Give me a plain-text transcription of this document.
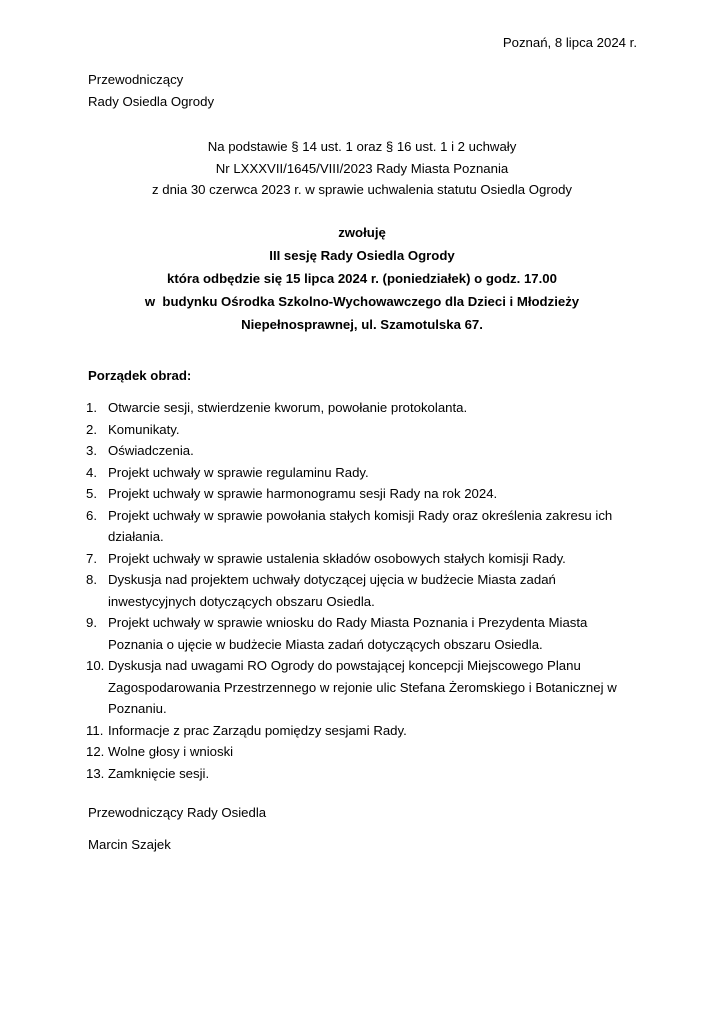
Poznań, 8 lipca 2024 r.
Przewodniczący
Rady Osiedla Ogrody
Na podstawie § 14 ust. 1 oraz § 16 ust. 1 i 2 uchwały
Nr LXXXVII/1645/VIII/2023 Rady Miasta Poznania
z dnia 30 czerwca 2023 r. w sprawie uchwalenia statutu Osiedla Ogrody
zwołuję
III sesję Rady Osiedla Ogrody
która odbędzie się 15 lipca 2024 r. (poniedziałek) o godz. 17.00
w  budynku Ośrodka Szkolno-Wychowawczego dla Dzieci i Młodzieży
Niepełnosprawnej, ul. Szamotulska 67.
Porządek obrad:
1. Otwarcie sesji, stwierdzenie kworum, powołanie protokolanta.
2. Komunikaty.
3. Oświadczenia.
4. Projekt uchwały w sprawie regulaminu Rady.
5. Projekt uchwały w sprawie harmonogramu sesji Rady na rok 2024.
6. Projekt uchwały w sprawie powołania stałych komisji Rady oraz określenia zakresu ich działania.
7. Projekt uchwały w sprawie ustalenia składów osobowych stałych komisji Rady.
8. Dyskusja nad projektem uchwały dotyczącej ujęcia w budżecie Miasta zadań inwestycyjnych dotyczących obszaru Osiedla.
9. Projekt uchwały w sprawie wniosku do Rady Miasta Poznania i Prezydenta Miasta Poznania o ujęcie w budżecie Miasta zadań dotyczących obszaru Osiedla.
10. Dyskusja nad uwagami RO Ogrody do powstającej koncepcji Miejscowego Planu Zagospodarowania Przestrzennego w rejonie ulic Stefana Żeromskiego i Botanicznej w Poznaniu.
11. Informacje z prac Zarządu pomiędzy sesjami Rady.
12. Wolne głosy i wnioski
13. Zamknięcie sesji.
Przewodniczący Rady Osiedla
Marcin Szajek
